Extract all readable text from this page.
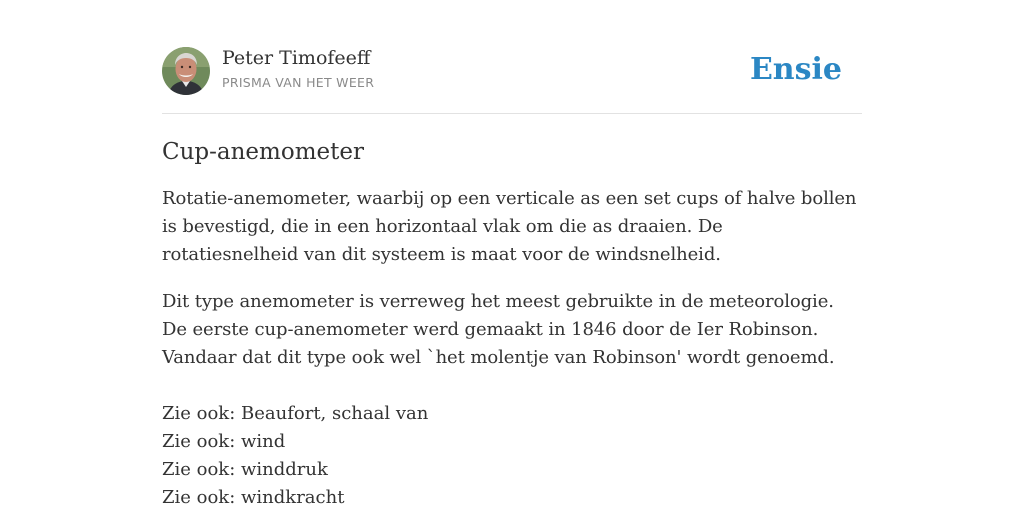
Peter Timofeeff
PRISMA VAN HET WEER	Ensie
Cup-anemometer

Rotatie-anemometer, waarbij op een verticale as een set cups of halve bollen is bevestigd, die in een horizontaal vlak om die as draaien. De rotatiesnelheid van dit systeem is maat voor de windsnelheid.

Dit type anemometer is verreweg het meest gebruikte in de meteorologie. De eerste cup-anemometer werd gemaakt in 1846 door de Ier Robinson. Vandaar dat dit type ook wel `het molentje van Robinson' wordt genoemd.

Zie ook: Beaufort, schaal van
Zie ook: wind
Zie ook: winddruk
Zie ook: windkracht
